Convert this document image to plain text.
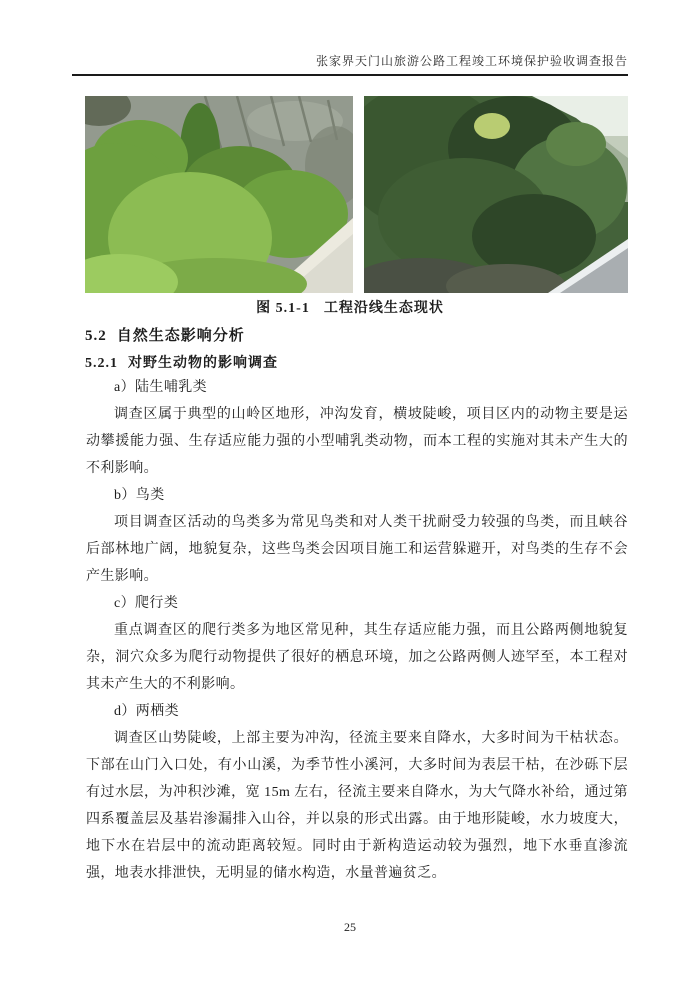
张家界天门山旅游公路工程竣工环境保护验收调查报告
图 5.1-1 工程沿线生态现状
5.2 自然生态影响分析
5.2.1 对野生动物的影响调查

a）陆生哺乳类

调查区属于典型的山岭区地形，冲沟发育，横坡陡峻，项目区内的动物主要是运动攀援能力强、生存适应能力强的小型哺乳类动物，而本工程的实施对其未产生大的不利影响。

b）鸟类

项目调查区活动的鸟类多为常见鸟类和对人类干扰耐受力较强的鸟类，而且峡谷后部林地广阔，地貌复杂，这些鸟类会因项目施工和运营躲避开，对鸟类的生存不会产生影响。

c）爬行类

重点调查区的爬行类多为地区常见种，其生存适应能力强，而且公路两侧地貌复杂，洞穴众多为爬行动物提供了很好的栖息环境，加之公路两侧人迹罕至，本工程对其未产生大的不利影响。

d）两栖类

调查区山势陡峻，上部主要为冲沟，径流主要来自降水，大多时间为干枯状态。下部在山门入口处，有小山溪，为季节性小溪河，大多时间为表层干枯，在沙砾下层有过水层，为冲积沙滩，宽 15m 左右，径流主要来自降水，为大气降水补给，通过第四系覆盖层及基岩渗漏排入山谷，并以泉的形式出露。由于地形陡峻，水力坡度大，地下水在岩层中的流动距离较短。同时由于新构造运动较为强烈，地下水垂直渗流强，地表水排泄快，无明显的储水构造，水量普遍贫乏。

25
